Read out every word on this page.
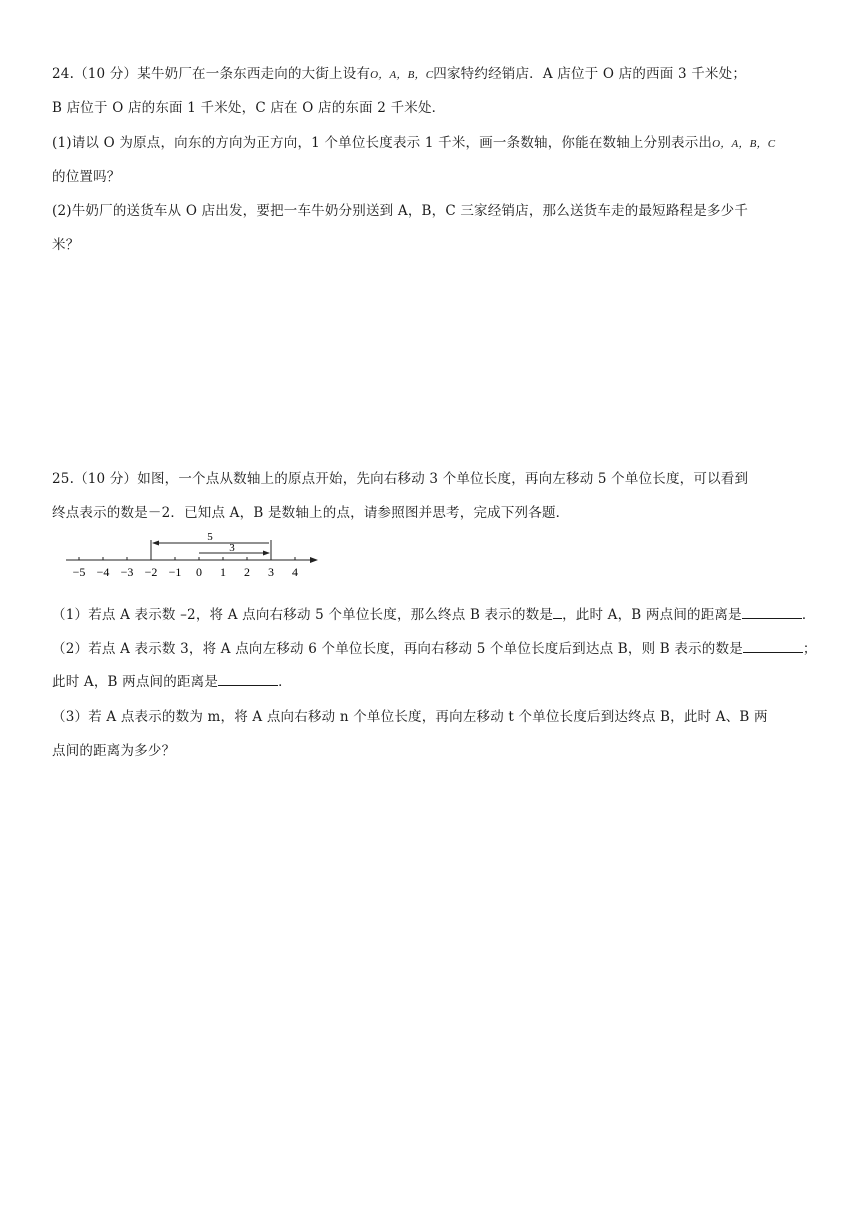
24.（10 分）某牛奶厂在一条东西走向的大街上设有O，A，B，C四家特约经销店．A 店位于 O 店的西面 3 千米处；
B 店位于 O 店的东面 1 千米处，C 店在 O 店的东面 2 千米处．
(1)请以 O 为原点，向东的方向为正方向，1 个单位长度表示 1 千米，画一条数轴，你能在数轴上分别表示出O，A，B，C
的位置吗？
(2)牛奶厂的送货车从 O 店出发，要把一车牛奶分别送到 A，B，C 三家经销店，那么送货车走的最短路程是多少千
米？
25.（10 分）如图，一个点从数轴上的原点开始，先向右移动 3 个单位长度，再向左移动 5 个单位长度，可以看到
终点表示的数是－2．已知点 A，B 是数轴上的点，请参照图并思考，完成下列各题．
−5 −4 −3 −2 −1 0 1 2 3 4
5
3
（1）若点 A 表示数 –2，将 A 点向右移动 5 个单位长度，那么终点 B 表示的数是 ，此时 A，B 两点间的距离是	．
（2）若点 A 表示数 3，将 A 点向左移动 6 个单位长度，再向右移动 5 个单位长度后到达点 B，则 B 表示的数是	；
此时 A，B 两点间的距离是	．
（3）若 A 点表示的数为 m，将 A 点向右移动 n 个单位长度，再向左移动 t 个单位长度后到达终点 B，此时 A、B 两
点间的距离为多少？
